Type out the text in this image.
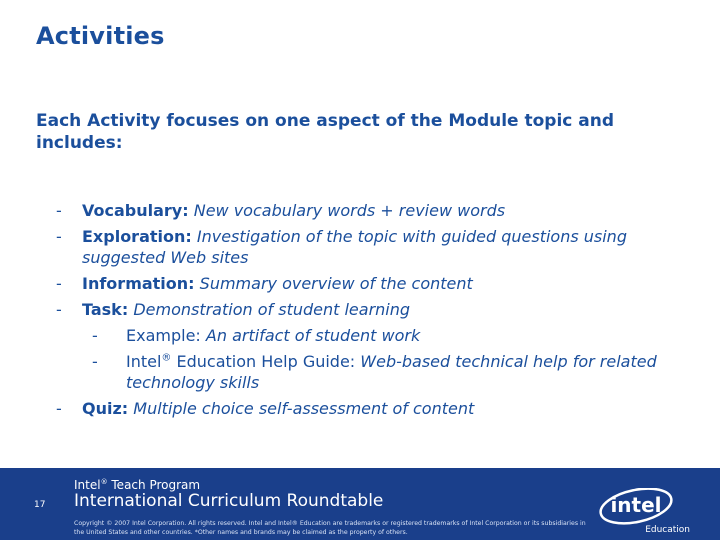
Activities
Each Activity focuses on one aspect of the Module topic and includes:
- Vocabulary: New vocabulary words + review words
- Exploration: Investigation of the topic with guided questions using suggested Web sites
- Information: Summary overview of the content
- Task: Demonstration of student learning
- Example: An artifact of student work
- Intel® Education Help Guide: Web-based technical help for related technology skills
- Quiz: Multiple choice self-assessment of content
17
Intel® Teach Program
International Curriculum Roundtable
Copyright © 2007 Intel Corporation. All rights reserved. Intel and Intel® Education are trademarks or registered trademarks of Intel Corporation or its subsidiaries in the United States and other countries. *Other names and brands may be claimed as the property of others.
intel
Education
